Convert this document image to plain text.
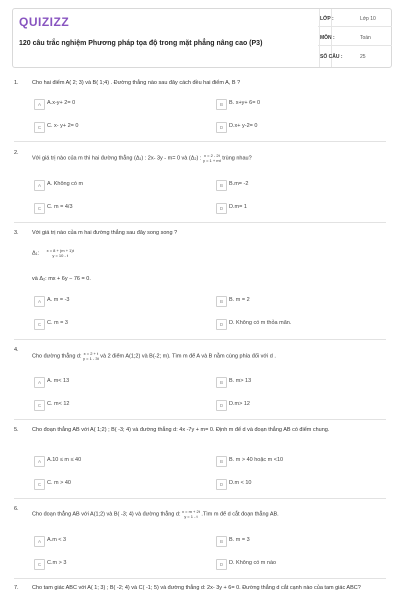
QUIZIZZ
120 câu trắc nghiệm Phương pháp tọa độ trong mặt phẳng nâng cao (P3)
LỚP :	Lớp 10
MÔN :	Toán
SỐ CÂU :	25
1. Cho hai điểm A( 2; 3) và B( 1;4) . Đường thẳng nào sau đây cách đều hai điểm A, B ?
A	A.x-y+ 2= 0	B	B. x+y+ 6= 0
C	C. x- y+ 2= 0	D	D.x+ y-2= 0
2.
Với giá trị nào của m thì hai đường thẳng (Δ₁) : 2x- 3y - m= 0 và (Δ₂) : x = 2 - 2t
y = 1 + mt trùng nhau?
A	A. Không có m	B	B.m= -2
C	C. m = 4/3	D	D.m= 1
3. Với giá trị nào của m hai đường thẳng sau đây song song ?
Δ₁: x = 8 + (m + 1)t
y = 10 - t
và Δ₂: mx + 6y − 76 = 0.
A	A. m = -3	B	B. m = 2
C	C. m = 3	D	D. Không có m thỏa mãn.
4.
Cho đường thẳng d: x = 2 + t
y = 1 - 3t và 2 điểm A(1;2) và B(-2; m). Tìm m để A và B nằm cùng phía đối với d .
A	A. m< 13	B	B. m> 13
C	C. m< 12	D	D.m> 12
5. Cho đoạn thẳng AB với A( 1;2) ; B( -3; 4) và đường thẳng d: 4x -7y + m= 0. Định m để d và đoạn thẳng AB có điểm chung.
A	A.10 ≤ m ≤ 40	B	B. m > 40 hoặc m <10
C	C. m > 40	D	D.m < 10
6.
Cho đoạn thẳng AB với A(1;2) và B( -3; 4) và đường thẳng d: x = m + 2t
y = 1 - t .Tìm m để d cắt đoạn thẳng AB.
A	A.m < 3	B	B. m = 3
C	C.m > 3	D	D. Không có m nào
7. Cho tam giác ABC với A( 1; 3) ; B( -2; 4) và C( -1; 5) và đường thẳng d: 2x- 3y + 6= 0. Đường thẳng d cắt cạnh nào của tam giác ABC?
